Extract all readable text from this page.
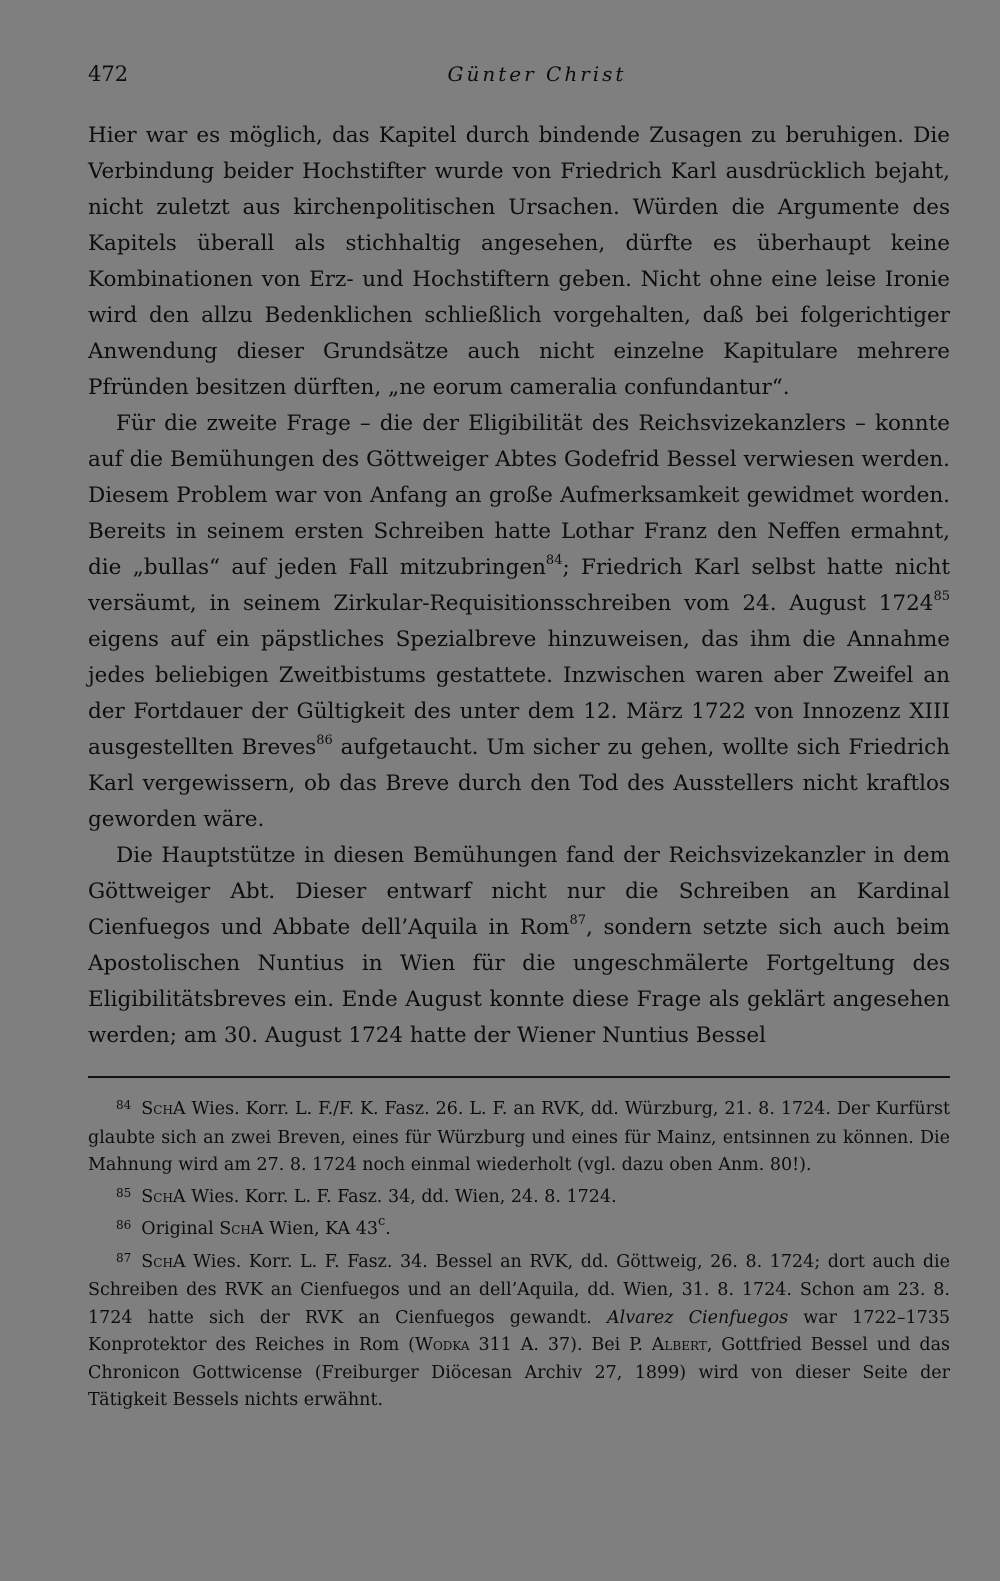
472	Günter Christ

Hier war es möglich, das Kapitel durch bindende Zusagen zu beruhigen. Die Verbindung beider Hochstifter wurde von Friedrich Karl ausdrücklich bejaht, nicht zuletzt aus kirchenpolitischen Ursachen. Würden die Argumente des Kapitels überall als stichhaltig angesehen, dürfte es überhaupt keine Kombinationen von Erz- und Hochstiftern geben. Nicht ohne eine leise Ironie wird den allzu Bedenklichen schließlich vorgehalten, daß bei folgerichtiger Anwendung dieser Grundsätze auch nicht einzelne Kapitulare mehrere Pfründen besitzen dürften, „ne eorum cameralia confundantur“.

Für die zweite Frage – die der Eligibilität des Reichsvizekanzlers – konnte auf die Bemühungen des Göttweiger Abtes Godefrid Bessel verwiesen werden. Diesem Problem war von Anfang an große Aufmerksamkeit gewidmet worden. Bereits in seinem ersten Schreiben hatte Lothar Franz den Neffen ermahnt, die „bullas“ auf jeden Fall mitzubringen$^{84}$; Friedrich Karl selbst hatte nicht versäumt, in seinem Zirkular-Requisitionsschreiben vom 24. August 1724$^{85}$ eigens auf ein päpstliches Spezialbreve hinzuweisen, das ihm die Annahme jedes beliebigen Zweitbistums gestattete. Inzwischen waren aber Zweifel an der Fortdauer der Gültigkeit des unter dem 12. März 1722 von Innozenz XIII ausgestellten Breves$^{86}$ aufgetaucht. Um sicher zu gehen, wollte sich Friedrich Karl vergewissern, ob das Breve durch den Tod des Ausstellers nicht kraftlos geworden wäre.

Die Hauptstütze in diesen Bemühungen fand der Reichsvizekanzler in dem Göttweiger Abt. Dieser entwarf nicht nur die Schreiben an Kardinal Cienfuegos und Abbate dell’Aquila in Rom$^{87}$, sondern setzte sich auch beim Apostolischen Nuntius in Wien für die ungeschmälerte Fortgeltung des Eligibilitätsbreves ein. Ende August konnte diese Frage als geklärt angesehen werden; am 30. August 1724 hatte der Wiener Nuntius Bessel

$^{84}$ SchA Wies. Korr. L. F./F. K. Fasz. 26. L. F. an RVK, dd. Würzburg, 21. 8. 1724. Der Kurfürst glaubte sich an zwei Breven, eines für Würzburg und eines für Mainz, entsinnen zu können. Die Mahnung wird am 27. 8. 1724 noch einmal wiederholt (vgl. dazu oben Anm. 80!).

$^{85}$ SchA Wies. Korr. L. F. Fasz. 34, dd. Wien, 24. 8. 1724.

$^{86}$ Original SchA Wien, KA 43$^c$.

$^{87}$ SchA Wies. Korr. L. F. Fasz. 34. Bessel an RVK, dd. Göttweig, 26. 8. 1724; dort auch die Schreiben des RVK an Cienfuegos und an dell’Aquila, dd. Wien, 31. 8. 1724. Schon am 23. 8. 1724 hatte sich der RVK an Cienfuegos gewandt. Alvarez Cienfuegos war 1722–1735 Konprotektor des Reiches in Rom (Wodka 311 A. 37). Bei P. Albert, Gottfried Bessel und das Chronicon Gottwicense (Freiburger Diöcesan Archiv 27, 1899) wird von dieser Seite der Tätigkeit Bessels nichts erwähnt.
